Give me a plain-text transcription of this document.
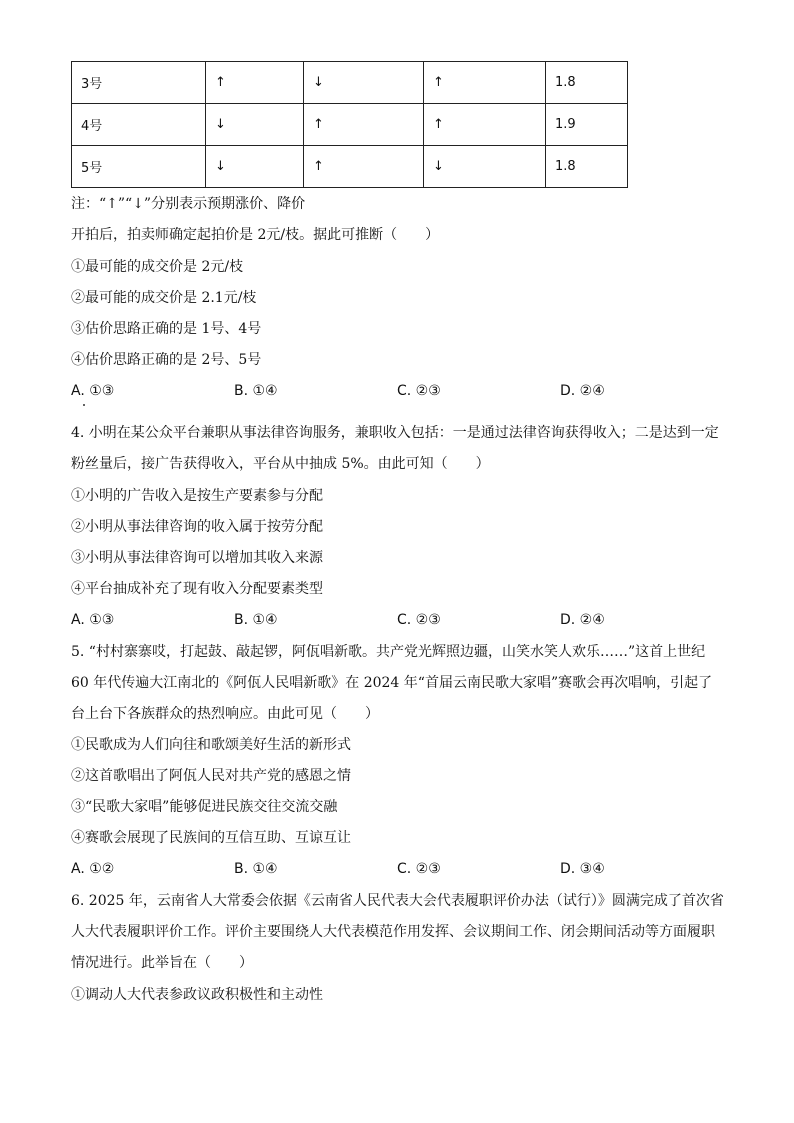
3号	↑	↓	↑	1.8
4号	↓	↑	↑	1.9
5号	↓	↑	↓	1.8
注：“↑”“↓”分别表示预期涨价、降价
开拍后，拍卖师确定起拍价是 2元/枝。据此可推断（　　）
①最可能的成交价是 2元/枝
②最可能的成交价是 2.1元/枝
③估价思路正确的是 1号、4号
④估价思路正确的是 2号、5号
A. ①③	B. ①④	C. ②③	D. ②④
4. 小明在某公众平台兼职从事法律咨询服务，兼职收入包括：一是通过法律咨询获得收入；二是达到一定
粉丝量后，接广告获得收入，平台从中抽成 5%。由此可知（　　）
①小明的广告收入是按生产要素参与分配
②小明从事法律咨询的收入属于按劳分配
③小明从事法律咨询可以增加其收入来源
④平台抽成补充了现有收入分配要素类型
A. ①③	B. ①④	C. ②③	D. ②④
5. “村村寨寨哎，打起鼓、敲起锣，阿佤唱新歌。共产党光辉照边疆，山笑水笑人欢乐……”这首上世纪
60 年代传遍大江南北的《阿佤人民唱新歌》在 2024 年“首届云南民歌大家唱”赛歌会再次唱响，引起了
台上台下各族群众的热烈响应。由此可见（　　）
①民歌成为人们向往和歌颂美好生活的新形式
②这首歌唱出了阿佤人民对共产党的感恩之情
③“民歌大家唱”能够促进民族交往交流交融
④赛歌会展现了民族间的互信互助、互谅互让
A. ①②	B. ①④	C. ②③	D. ③④
6. 2025 年，云南省人大常委会依据《云南省人民代表大会代表履职评价办法（试行）》圆满完成了首次省
人大代表履职评价工作。评价主要围绕人大代表模范作用发挥、会议期间工作、闭会期间活动等方面履职
情况进行。此举旨在（　　）
①调动人大代表参政议政积极性和主动性
